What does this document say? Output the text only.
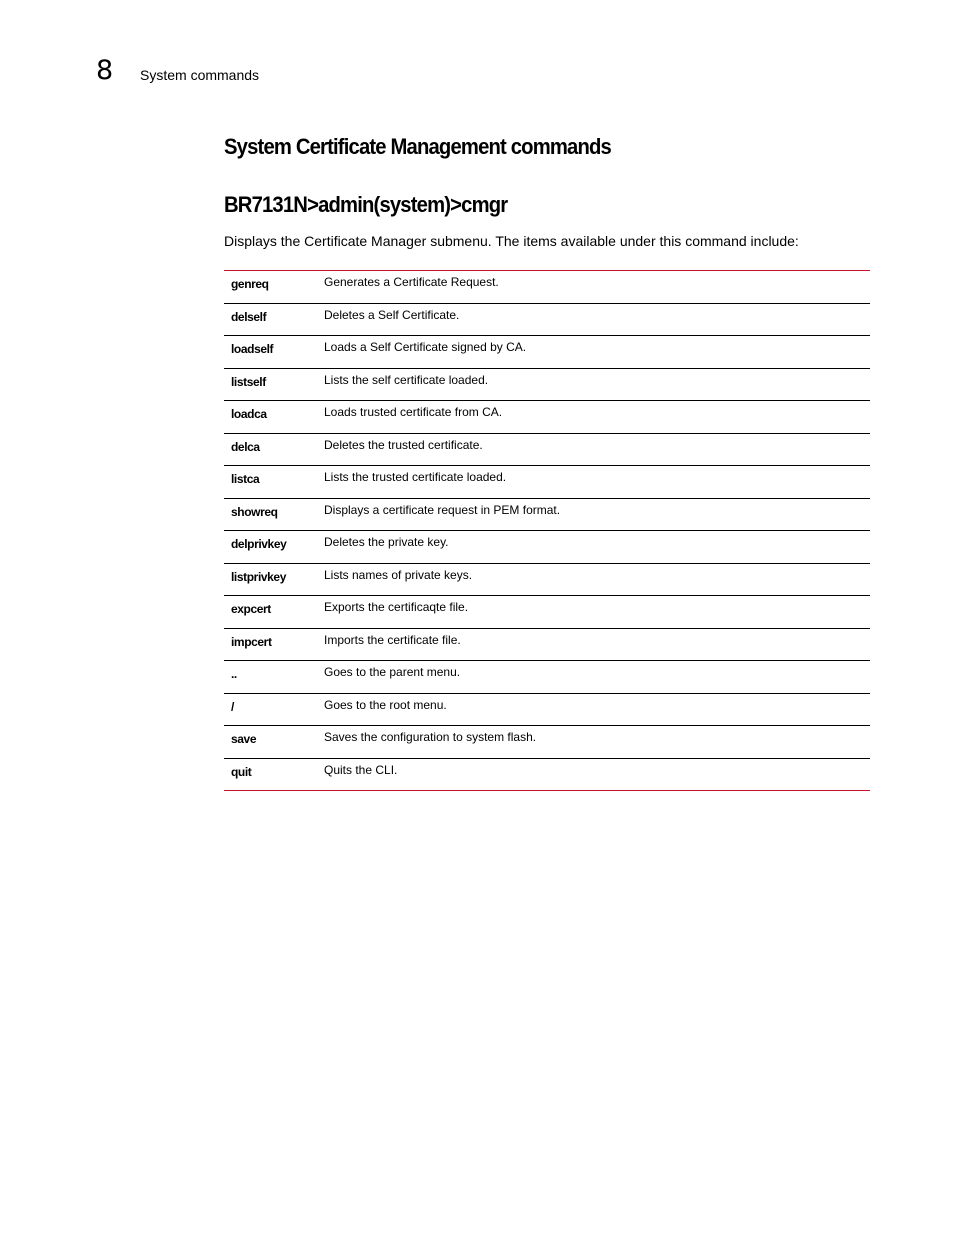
8 System commands
System Certificate Management commands
BR7131N>admin(system)>cmgr
Displays the Certificate Manager submenu. The items available under this command include:
genreq	Generates a Certificate Request.
delself	Deletes a Self Certificate.
loadself	Loads a Self Certificate signed by CA.
listself	Lists the self certificate loaded.
loadca	Loads trusted certificate from CA.
delca	Deletes the trusted certificate.
listca	Lists the trusted certificate loaded.
showreq	Displays a certificate request in PEM format.
delprivkey	Deletes the private key.
listprivkey	Lists names of private keys.
expcert	Exports the certificaqte file.
impcert	Imports the certificate file.
..	Goes to the parent menu.
/	Goes to the root menu.
save	Saves the configuration to system flash.
quit	Quits the CLI.
